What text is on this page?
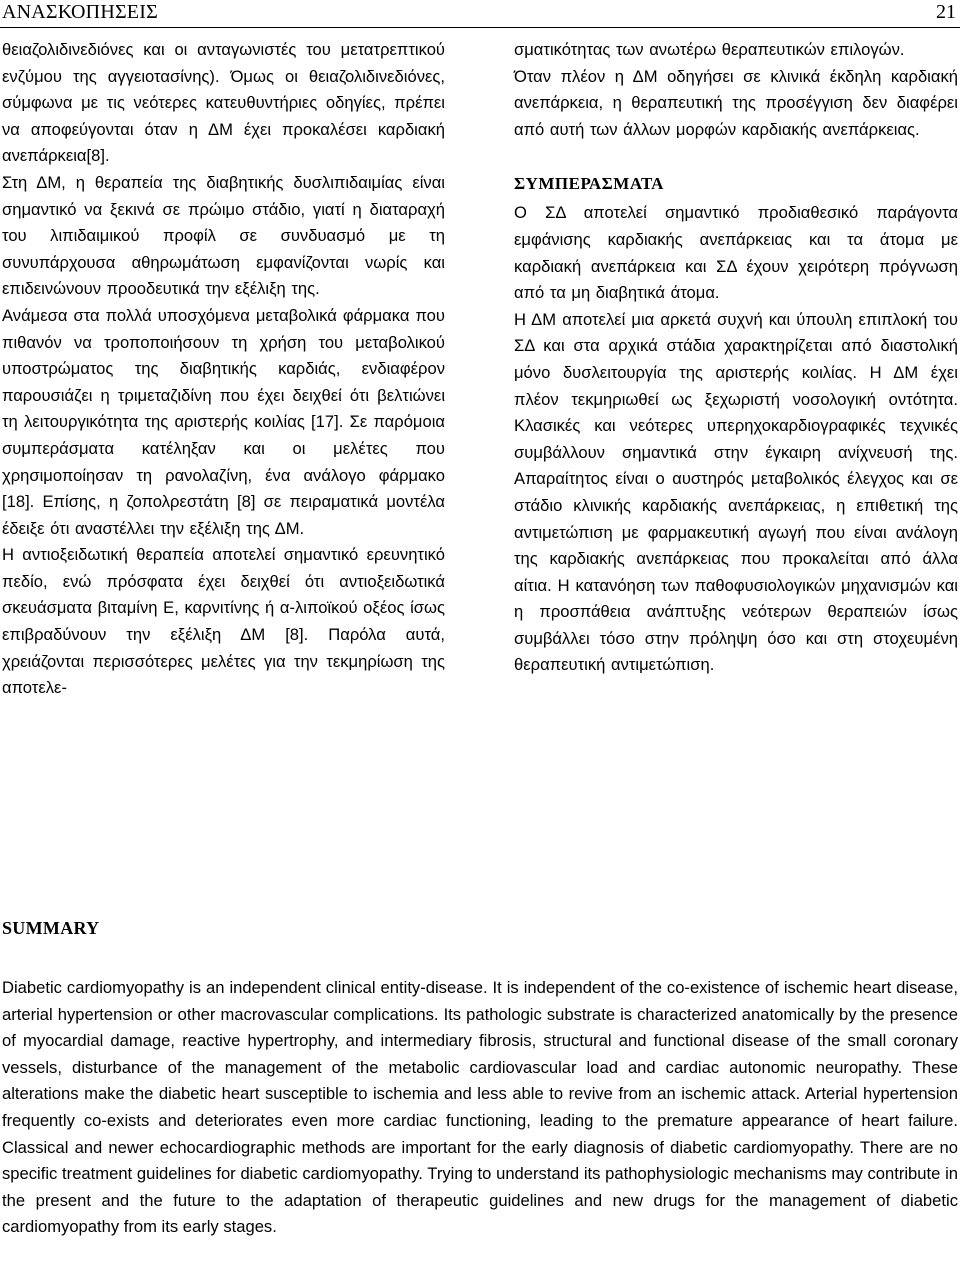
ΑΝΑΣΚΟΠΗΣΕΙΣ	21

θειαζολιδινεδιόνες και οι ανταγωνιστές του μετατρεπτικού ενζύμου της αγγειοτασίνης). Όμως οι θειαζολιδινεδιόνες, σύμφωνα με τις νεότερες κατευθυντήριες οδηγίες, πρέπει να αποφεύγονται όταν η ΔΜ έχει προκαλέσει καρδιακή ανεπάρκεια[8].

Στη ΔΜ, η θεραπεία της διαβητικής δυσλιπιδαιμίας είναι σημαντικό να ξεκινά σε πρώιμο στάδιο, γιατί η διαταραχή του λιπιδαιμικού προφίλ σε συνδυασμό με τη συνυπάρχουσα αθηρωμάτωση εμφανίζονται νωρίς και επιδεινώνουν προοδευτικά την εξέλιξη της.

Ανάμεσα στα πολλά υποσχόμενα μεταβολικά φάρμακα που πιθανόν να τροποποιήσουν τη χρήση του μεταβολικού υποστρώματος της διαβητικής καρδιάς, ενδιαφέρον παρουσιάζει η τριμεταζιδίνη που έχει δειχθεί ότι βελτιώνει τη λειτουργικότητα της αριστερής κοιλίας [17]. Σε παρόμοια συμπεράσματα κατέληξαν και οι μελέτες που χρησιμοποίησαν τη ρανολαζίνη, ένα ανάλογο φάρμακο [18]. Επίσης, η ζοπολρεστάτη [8] σε πειραματικά μοντέλα έδειξε ότι αναστέλλει την εξέλιξη της ΔΜ.

Η αντιοξειδωτική θεραπεία αποτελεί σημαντικό ερευνητικό πεδίο, ενώ πρόσφατα έχει δειχθεί ότι αντιοξειδωτικά σκευάσματα βιταμίνη Ε, καρνιτίνης ή α-λιποϊκού οξέος ίσως επιβραδύνουν την εξέλιξη ΔΜ [8]. Παρόλα αυτά, χρειάζονται περισσότερες μελέτες για την τεκμηρίωση της αποτελε-

σματικότητας των ανωτέρω θεραπευτικών επιλογών.

Όταν πλέον η ΔΜ οδηγήσει σε κλινικά έκδηλη καρδιακή ανεπάρκεια, η θεραπευτική της προσέγγιση δεν διαφέρει από αυτή των άλλων μορφών καρδιακής ανεπάρκειας.

ΣΥΜΠΕΡΑΣΜΑΤΑ

Ο ΣΔ αποτελεί σημαντικό προδιαθεσικό παράγοντα εμφάνισης καρδιακής ανεπάρκειας και τα άτομα με καρδιακή ανεπάρκεια και ΣΔ έχουν χειρότερη πρόγνωση από τα μη διαβητικά άτομα.

Η ΔΜ αποτελεί μια αρκετά συχνή και ύπουλη επιπλοκή του ΣΔ και στα αρχικά στάδια χαρακτηρίζεται από διαστολική μόνο δυσλειτουργία της αριστερής κοιλίας. Η ΔΜ έχει πλέον τεκμηριωθεί ως ξεχωριστή νοσολογική οντότητα. Κλασικές και νεότερες υπερηχοκαρδιογραφικές τεχνικές συμβάλλουν σημαντικά στην έγκαιρη ανίχνευσή της. Απαραίτητος είναι ο αυστηρός μεταβολικός έλεγχος και σε στάδιο κλινικής καρδιακής ανεπάρκειας, η επιθετική της αντιμετώπιση με φαρμακευτική αγωγή που είναι ανάλογη της καρδιακής ανεπάρκειας που προκαλείται από άλλα αίτια. Η κατανόηση των παθοφυσιολογικών μηχανισμών και η προσπάθεια ανάπτυξης νεότερων θεραπειών ίσως συμβάλλει τόσο στην πρόληψη όσο και στη στοχευμένη θεραπευτική αντιμετώπιση.

SUMMARY

Diabetic cardiomyopathy is an independent clinical entity-disease. It is independent of the co-existence of ischemic heart disease, arterial hypertension or other macrovascular complications. Its pathologic substrate is characterized anatomically by the presence of myocardial damage, reactive hypertrophy, and intermediary fibrosis, structural and functional disease of the small coronary vessels, disturbance of the management of the metabolic cardiovascular load and cardiac autonomic neuropathy. These alterations make the diabetic heart susceptible to ischemia and less able to revive from an ischemic attack. Arterial hypertension frequently co-exists and deteriorates even more cardiac functioning, leading to the premature appearance of heart failure. Classical and newer echocardiographic methods are important for the early diagnosis of diabetic cardiomyopathy. There are no specific treatment guidelines for diabetic cardiomyopathy. Trying to understand its pathophysiologic mechanisms may contribute in the present and the future to the adaptation of therapeutic guidelines and new drugs for the management of diabetic cardiomyopathy from its early stages.
